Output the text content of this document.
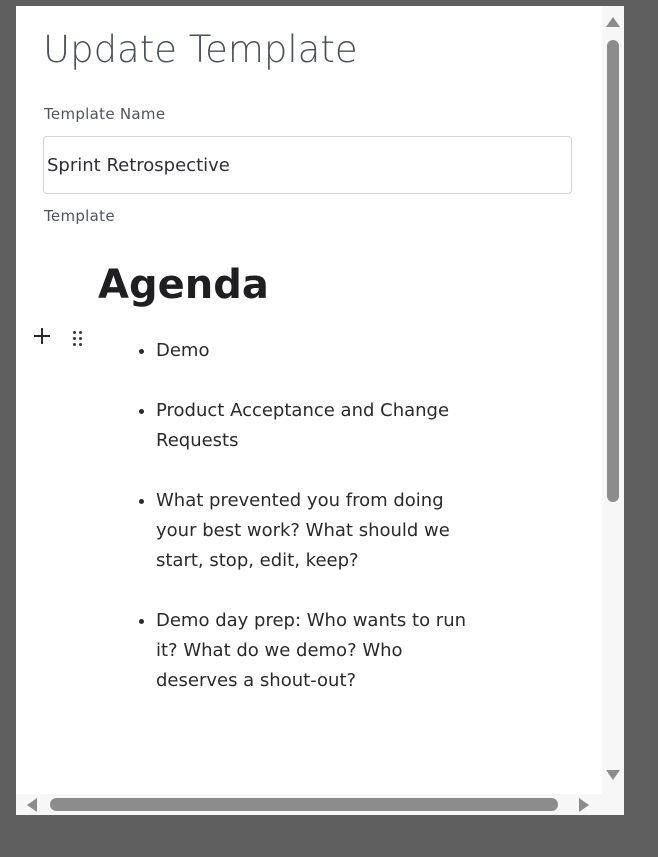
Update Template
Template Name
Sprint Retrospective
Template
Agenda
• Demo
• Product Acceptance and Change Requests
• What prevented you from doing your best work? What should we start, stop, edit, keep?
• Demo day prep: Who wants to run it? What do we demo? Who deserves a shout-out?
